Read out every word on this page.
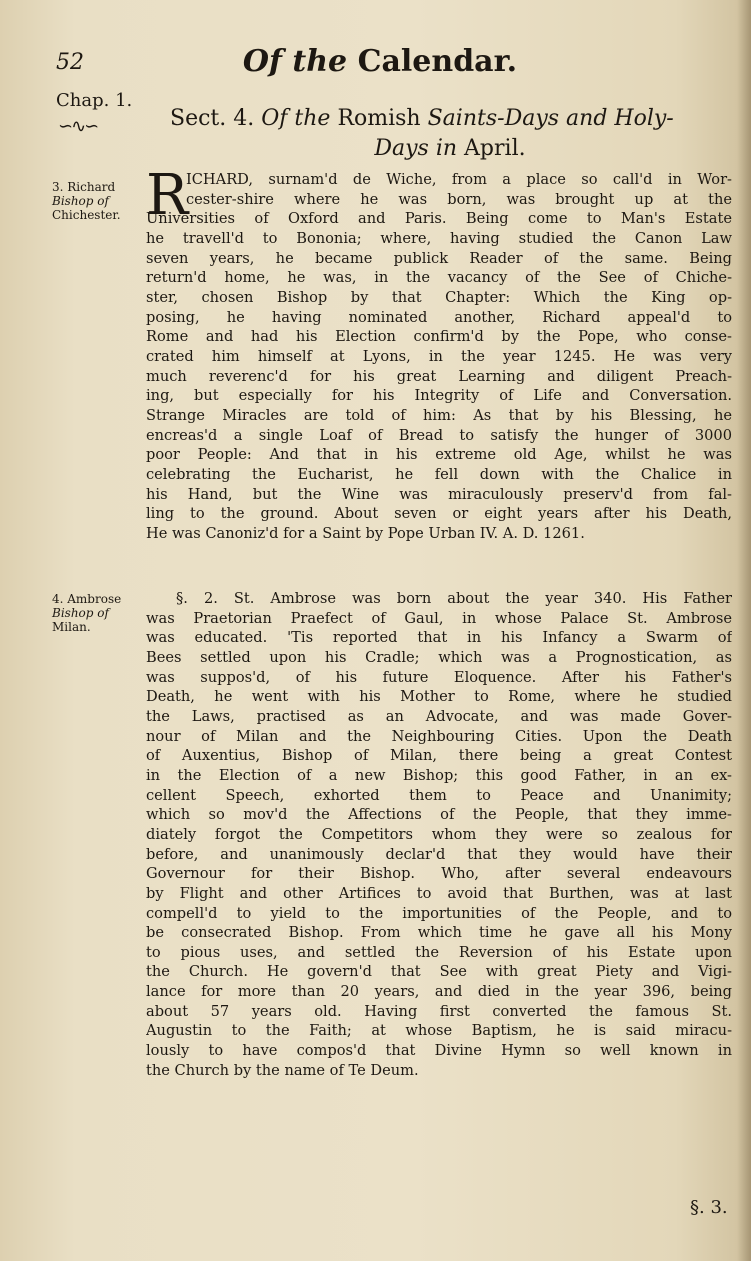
52	Of the Calendar.
Chap. 1.
∽∿∽	Sect. 4. Of the Romish Saints-Days and Holy-
Days in April.
3. Richard
Bishop of
Chichester.
4. Ambrose
Bishop of
Milan.
R
ICHARD, surnam'd de Wiche, from a place so call'd in Wor-
cester-shire where he was born, was brought up at the
Universities of Oxford and Paris. Being come to Man's Estate
he travell'd to Bononia; where, having studied the Canon Law
seven years, he became publick Reader of the same. Being
return'd home, he was, in the vacancy of the See of Chiche-
ster, chosen Bishop by that Chapter: Which the King op-
posing, he having nominated another, Richard appeal'd to
Rome and had his Election confirm'd by the Pope, who conse-
crated him himself at Lyons, in the year 1245. He was very
much reverenc'd for his great Learning and diligent Preach-
ing, but especially for his Integrity of Life and Conversation.
Strange Miracles are told of him: As that by his Blessing, he
encreas'd a single Loaf of Bread to satisfy the hunger of 3000
poor People: And that in his extreme old Age, whilst he was
celebrating the Eucharist, he fell down with the Chalice in
his Hand, but the Wine was miraculously preserv'd from fal-
ling to the ground. About seven or eight years after his Death,
He was Canoniz'd for a Saint by Pope Urban IV. A. D. 1261.
§. 2. St. Ambrose was born about the year 340. His Father
was Praetorian Praefect of Gaul, in whose Palace St. Ambrose
was educated. 'Tis reported that in his Infancy a Swarm of
Bees settled upon his Cradle; which was a Prognostication, as
was suppos'd, of his future Eloquence. After his Father's
Death, he went with his Mother to Rome, where he studied
the Laws, practised as an Advocate, and was made Gover-
nour of Milan and the Neighbouring Cities. Upon the Death
of Auxentius, Bishop of Milan, there being a great Contest
in the Election of a new Bishop; this good Father, in an ex-
cellent Speech, exhorted them to Peace and Unanimity;
which so mov'd the Affections of the People, that they imme-
diately forgot the Competitors whom they were so zealous for
before, and unanimously declar'd that they would have their
Governour for their Bishop. Who, after several endeavours
by Flight and other Artifices to avoid that Burthen, was at last
compell'd to yield to the importunities of the People, and to
be consecrated Bishop. From which time he gave all his Mony
to pious uses, and settled the Reversion of his Estate upon
the Church. He govern'd that See with great Piety and Vigi-
lance for more than 20 years, and died in the year 396, being
about 57 years old. Having first converted the famous St.
Augustin to the Faith; at whose Baptism, he is said miracu-
lously to have compos'd that Divine Hymn so well known in
the Church by the name of Te Deum.
§. 3.
